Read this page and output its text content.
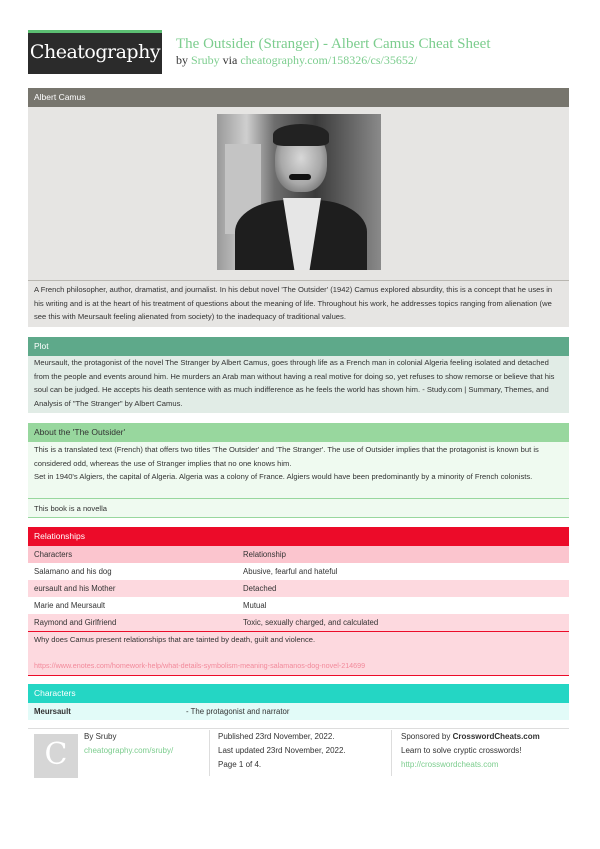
Cheatography The Outsider (Stranger) - Albert Camus Cheat Sheet
by Sruby via cheatography.com/158326/cs/35652/
Albert Camus
A French philosopher, author, dramatist, and journalist. In his debut novel 'The Outsider' (1942) Camus explored absurdity, this is a concept that he uses in his writing and is at the heart of his treatment of questions about the meaning of life. Throughout his work, he addresses topics ranging from alienation (we see this with Meursault feeling alienated from society) to the inadequacy of traditional values.
Plot
Meursault, the protagonist of the novel The Stranger by Albert Camus, goes through life as a French man in colonial Algeria feeling isolated and detached from the people and events around him. He murders an Arab man without having a real motive for doing so, yet refuses to show remorse or believe that his soul can be judged. He accepts his death sentence with as much indifference as he feels the world has shown him. - Study.com | Summary, Themes, and Analysis of "The Stranger" by Albert Camus.
About the 'The Outsider'
This is a translated text (French) that offers two titles 'The Outsider' and 'The Stranger'. The use of Outsider implies that the protagonist is known but is considered odd, whereas the use of Stranger implies that no one knows him.
Set in 1940's Algiers, the capital of Algeria. Algeria was a colony of France. Algiers would have been predominantly by a minority of French colonists.
This book is a novella
Relationships
Characters	Relationship
Salamano and his dog	Abusive, fearful and hateful
eursault and his Mother	Detached
Marie and Meursault	Mutual
Raymond and Girlfriend	Toxic, sexually charged, and calculated
Why does Camus present relationships that are tainted by death, guilt and violence.
https://www.enotes.com/homework-help/what-details-symbolism-meaning-salamanos-dog-novel-214699
Characters
Meursault	- The protagonist and narrator
C
By Sruby
cheatography.com/sruby/
Published 23rd November, 2022.
Last updated 23rd November, 2022.
Page 1 of 4.
Sponsored by CrosswordCheats.com
Learn to solve cryptic crosswords!
http://crosswordcheats.com
